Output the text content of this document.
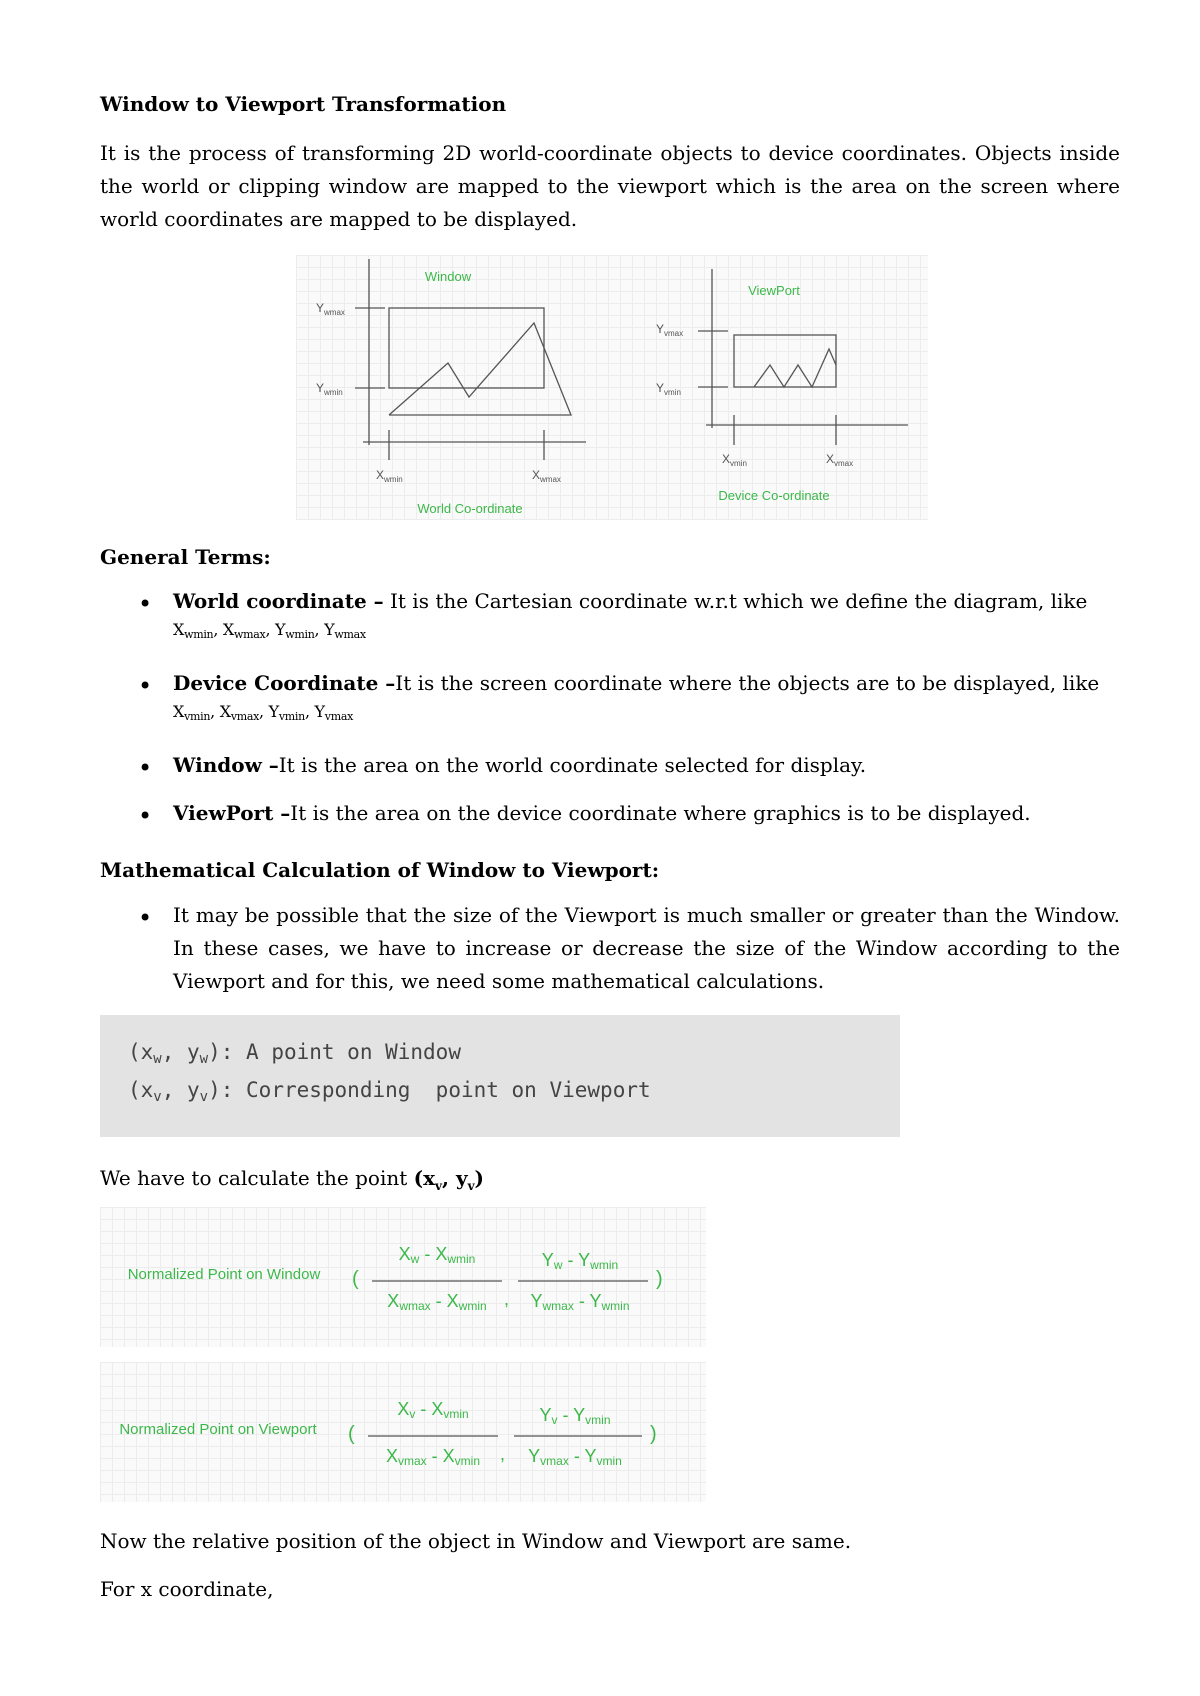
Window to Viewport Transformation
It is the process of transforming 2D world-coordinate objects to device coordinates. Objects inside the world or clipping window are mapped to the viewport which is the area on the screen where world coordinates are mapped to be displayed.
$Y_{wmax}$
$Y_{wmin}$
$X_{wmin}$	$X_{wmax}$
$Y_{vmax}$
$Y_{vmin}$
$X_{vmin}$	$X_{vmax}$
Window
ViewPort
World Co-ordinate
Device Co-ordinate
General Terms:
• World coordinate – It is the Cartesian coordinate w.r.t which we define the diagram, like
Xwmin, Xwmax, Ywmin, Ywmax
• Device Coordinate –It is the screen coordinate where the objects are to be displayed, like
Xvmin, Xvmax, Yvmin, Yvmax
• Window –It is the area on the world coordinate selected for display.
• ViewPort –It is the area on the device coordinate where graphics is to be displayed.
Mathematical Calculation of Window to Viewport:
• It may be possible that the size of the Viewport is much smaller or greater than the Window. In these cases, we have to increase or decrease the size of the Window according to the Viewport and for this, we need some mathematical calculations.
(xw, yw): A point on Window
(xv, yv): Corresponding  point on Viewport
We have to calculate the point ($x_v$, $y_v$)
Normalized Point on Window (	)
,
Xw - Xwmin
Xwmax - Xwmin
Yw - Ywmin
Ywmax - Ywmin
Normalized Point on Viewport (	)
,
Xv - Xvmin
Xvmax - Xvmin
Yv - Yvmin
Yvmax - Yvmin
Now the relative position of the object in Window and Viewport are same.
For x coordinate,
